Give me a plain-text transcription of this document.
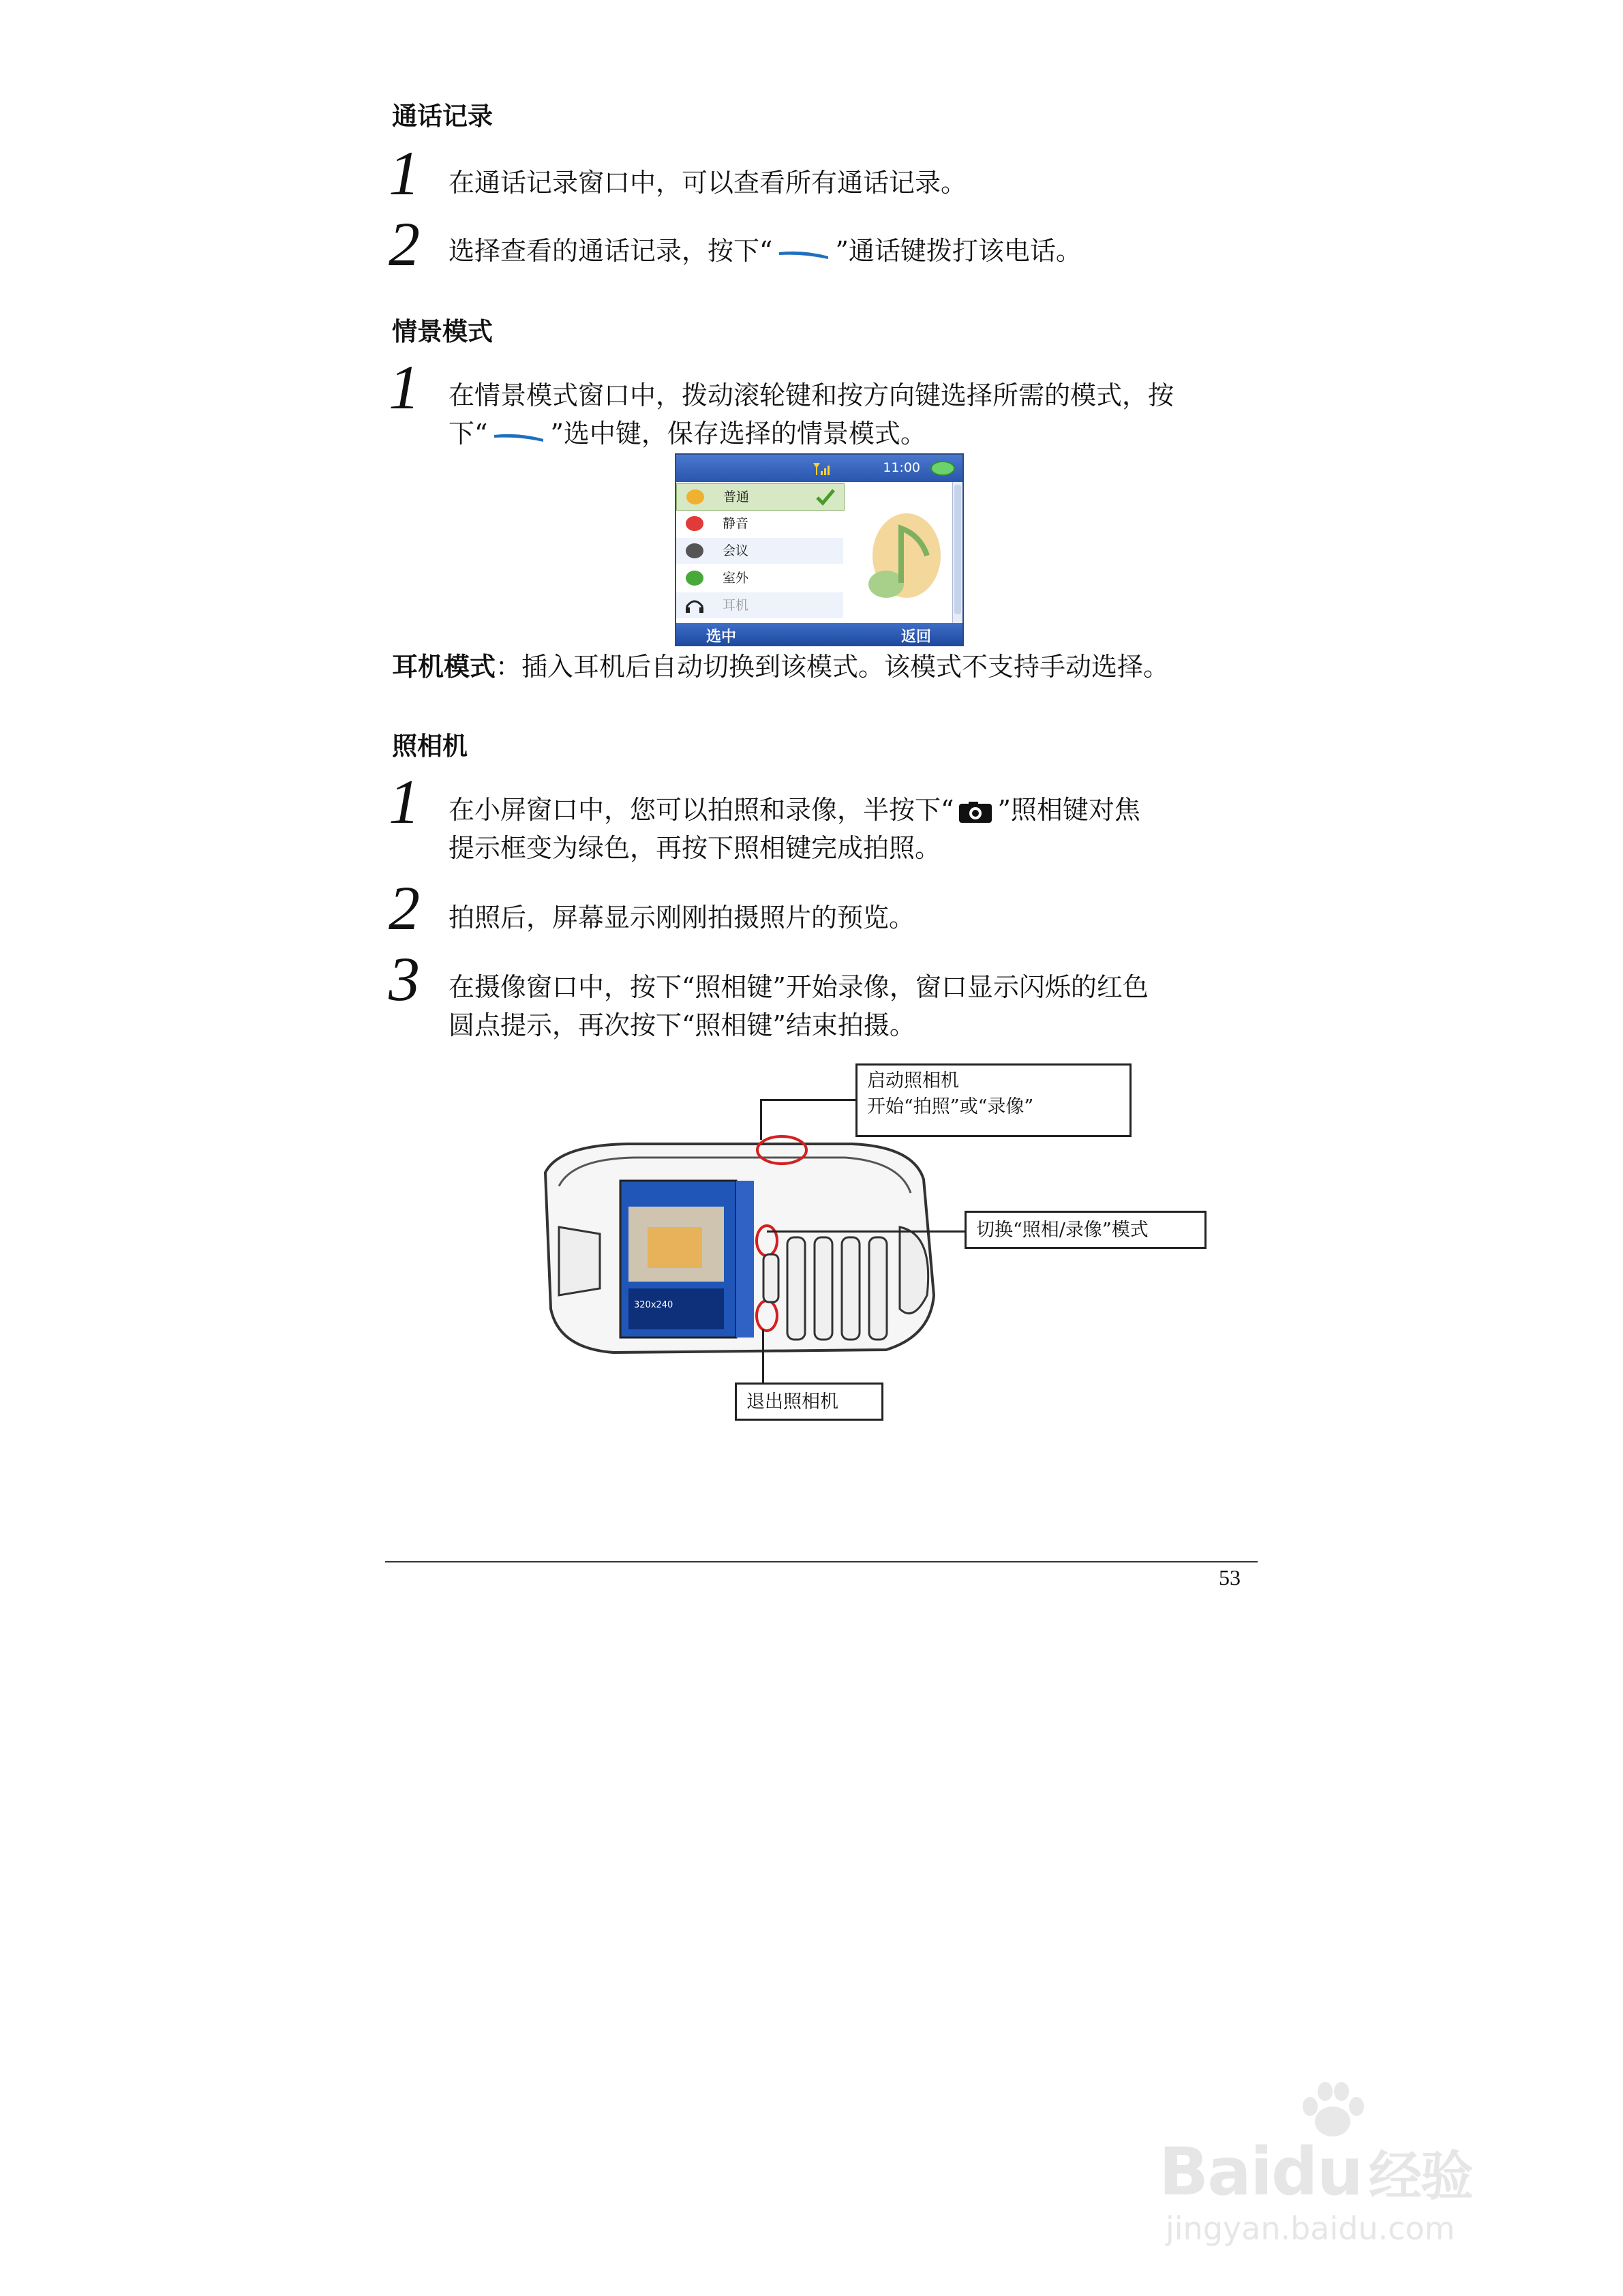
通话记录
1 在通话记录窗口中，可以查看所有通话记录。
2 选择查看的通话记录，按下“ ”通话键拨打该电话。
情景模式
1 在情景模式窗口中，拨动滚轮键和按方向键选择所需的模式，按
下“ ”选中键，保存选择的情景模式。
11:00
普通
静音
会议
室外
耳机
选中	返回
耳机模式：插入耳机后自动切换到该模式。该模式不支持手动选择。
照相机
1 在小屏窗口中，您可以拍照和录像，半按下“ ”照相键对焦
提示框变为绿色，再按下照相键完成拍照。
2 拍照后，屏幕显示刚刚拍摄照片的预览。
3 在摄像窗口中，按下“照相键”开始录像，窗口显示闪烁的红色
圆点提示，再次按下“照相键”结束拍摄。
320x240
启动照相机
开始“拍照”或“录像”
切换“照相/录像”模式
退出照相机
53
Baidu 经验
jingyan.baidu.com
